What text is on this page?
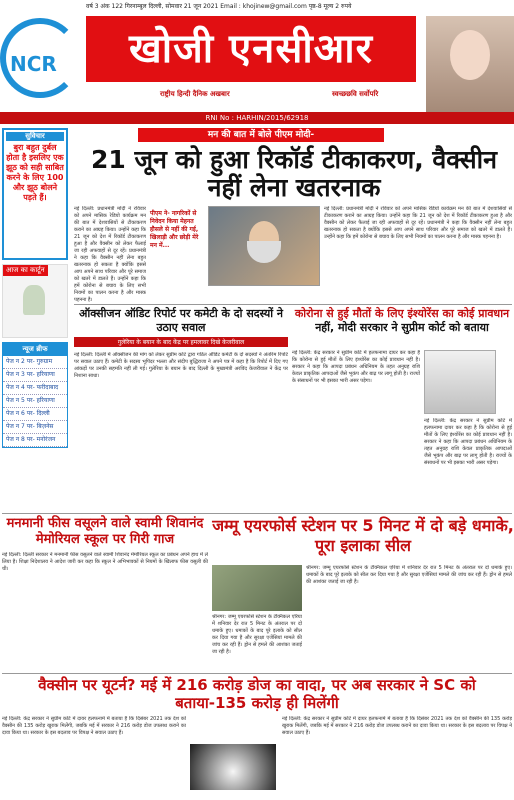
वर्ष 3 अंक 122 गिरनाम्बुल दिल्ली, सोमवार 21 जून 2021 Email : khojinew@gmail.com पृष्ठ-8 मूल्य 2 रुपये
NCR	खोजी एनसीआर
राष्ट्रीय हिन्दी दैनिक अखबार	स्वच्छछवि सर्वोपरि
RNI No : HARHIN/2015/62918
सुविचार
बुरा बहुत दुर्बल होता है इसलिए एक झूठ को सही साबित करने के लिए 100 और झूठ बोलने पड़ते हैं।
आज का कार्टून
न्यूज ब्रीफ
पेज न 2 पर- गुरुग्राम
पेज न 3 पर- हरियाणा
पेज न 4 पर- फरीदाबाद
पेज न 5 पर- हरियाणा
पेज न 6 पर- दिल्ली
पेज न 7 पर- बिज़नेस
पेज न 8 पर- मनोरंजन
मन की बात में बोले पीएम मोदी-
21 जून को हुआ रिकॉर्ड टीकाकरण, वैक्सीन नहीं लेना खतरनाक
नई दिल्ली: प्रधानमंत्री मोदी ने रविवार को अपने मासिक रेडियो कार्यक्रम मन की बात में देशवासियों से टीकाकरण कराने का आग्रह किया। उन्होंने कहा कि 21 जून को देश में रिकॉर्ड टीकाकरण हुआ है और वैक्सीन को लेकर फैलाई जा रही अफवाहों से दूर रहें। प्रधानमंत्री ने कहा कि वैक्सीन नहीं लेना बहुत खतरनाक हो सकता है क्योंकि इससे आप अपने साथ परिवार और पूरे समाज को खतरे में डालते हैं। उन्होंने कहा कि हमें कोरोना से बचाव के लिए सभी नियमों का पालन करना है और मास्क पहनना है।
पीएम ने- नागरिकों से निवेदन किया मेहनत हौसले से नहीं की गई, खिलाड़ी और छोड़ी मेरे मन में...
नई दिल्ली: प्रधानमंत्री मोदी ने रविवार को अपने मासिक रेडियो कार्यक्रम मन की बात में देशवासियों से टीकाकरण कराने का आग्रह किया। उन्होंने कहा कि 21 जून को देश में रिकॉर्ड टीकाकरण हुआ है और वैक्सीन को लेकर फैलाई जा रही अफवाहों से दूर रहें। प्रधानमंत्री ने कहा कि वैक्सीन नहीं लेना बहुत खतरनाक हो सकता है क्योंकि इससे आप अपने साथ परिवार और पूरे समाज को खतरे में डालते हैं। उन्होंने कहा कि हमें कोरोना से बचाव के लिए सभी नियमों का पालन करना है और मास्क पहनना है।
ऑक्सीजन ऑडिट रिपोर्ट पर कमेटी के दो सदस्यों ने उठाए सवाल
गुलेरिया के बयान के बाद केंद्र पर हमलावर दिखे केजरीवाल
नई दिल्ली: दिल्ली में ऑक्सीजन की मांग को लेकर सुप्रीम कोर्ट द्वारा गठित ऑडिट कमेटी के दो सदस्यों ने अंतरिम रिपोर्ट पर सवाल उठाए हैं। कमेटी के सदस्य भूपिंदर भल्ला और संदीप बुद्धिराजा ने अपने पत्र में कहा है कि रिपोर्ट में दिए गए आंकड़ों पर उनकी सहमति नहीं ली गई। गुलेरिया के बयान के बाद दिल्ली के मुख्यमंत्री अरविंद केजरीवाल ने केंद्र पर निशाना साधा।
कोरोना से हुई मौतों के लिए इंश्योरेंस का कोई प्रावधान
नहीं, मोदी सरकार ने सुप्रीम कोर्ट को बताया
नई दिल्ली: केंद्र सरकार ने सुप्रीम कोर्ट में हलफनामा दायर कर कहा है कि कोरोना से हुई मौतों के लिए इंश्योरेंस का कोई प्रावधान नहीं है। सरकार ने कहा कि आपदा प्रबंधन अधिनियम के तहत अनुग्रह राशि केवल प्राकृतिक आपदाओं जैसे भूकंप और बाढ़ पर लागू होती है। राज्यों के संसाधनों पर भी इसका भारी असर पड़ेगा।
नई दिल्ली: केंद्र सरकार ने सुप्रीम कोर्ट में हलफनामा दायर कर कहा है कि कोरोना से हुई मौतों के लिए इंश्योरेंस का कोई प्रावधान नहीं है। सरकार ने कहा कि आपदा प्रबंधन अधिनियम के तहत अनुग्रह राशि केवल प्राकृतिक आपदाओं जैसे भूकंप और बाढ़ पर लागू होती है। राज्यों के संसाधनों पर भी इसका भारी असर पड़ेगा।
मनमानी फीस वसूलने वाले स्वामी शिवानंद मेमोरियल स्कूल पर गिरी गाज
नई दिल्ली: दिल्ली सरकार ने मनमानी फीस वसूलने वाले स्वामी शिवानंद मेमोरियल स्कूल का प्रबंधन अपने हाथ में ले लिया है। शिक्षा निदेशालय ने आदेश जारी कर कहा कि स्कूल ने अभिभावकों से नियमों के खिलाफ फीस वसूली की थी।
जम्मू एयरफोर्स स्टेशन पर 5 मिनट में दो बड़े धमाके, पूरा इलाका सील
श्रीनगर: जम्मू एयरफोर्स स्टेशन के टेक्निकल एरिया में शनिवार देर रात 5 मिनट के अंतराल पर दो धमाके हुए। धमाकों के बाद पूरे इलाके को सील कर दिया गया है और सुरक्षा एजेंसियां मामले की जांच कर रही हैं। ड्रोन से हमले की आशंका जताई जा रही है।
श्रीनगर: जम्मू एयरफोर्स स्टेशन के टेक्निकल एरिया में शनिवार देर रात 5 मिनट के अंतराल पर दो धमाके हुए। धमाकों के बाद पूरे इलाके को सील कर दिया गया है और सुरक्षा एजेंसियां मामले की जांच कर रही हैं। ड्रोन से हमले की आशंका जताई जा रही है।
वैक्सीन पर यूटर्न? मई में 216 करोड़ डोज का वादा, पर अब सरकार ने SC को बताया-135 करोड़ ही मिलेंगी
नई दिल्ली: केंद्र सरकार ने सुप्रीम कोर्ट में दायर हलफनामे में बताया है कि दिसंबर 2021 तक देश को वैक्सीन की 135 करोड़ खुराक मिलेंगी, जबकि मई में सरकार ने 216 करोड़ डोज उपलब्ध कराने का दावा किया था। सरकार के इस बदलाव पर विपक्ष ने सवाल उठाए हैं।
नई दिल्ली: केंद्र सरकार ने सुप्रीम कोर्ट में दायर हलफनामे में बताया है कि दिसंबर 2021 तक देश को वैक्सीन की 135 करोड़ खुराक मिलेंगी, जबकि मई में सरकार ने 216 करोड़ डोज उपलब्ध कराने का दावा किया था। सरकार के इस बदलाव पर विपक्ष ने सवाल उठाए हैं।
